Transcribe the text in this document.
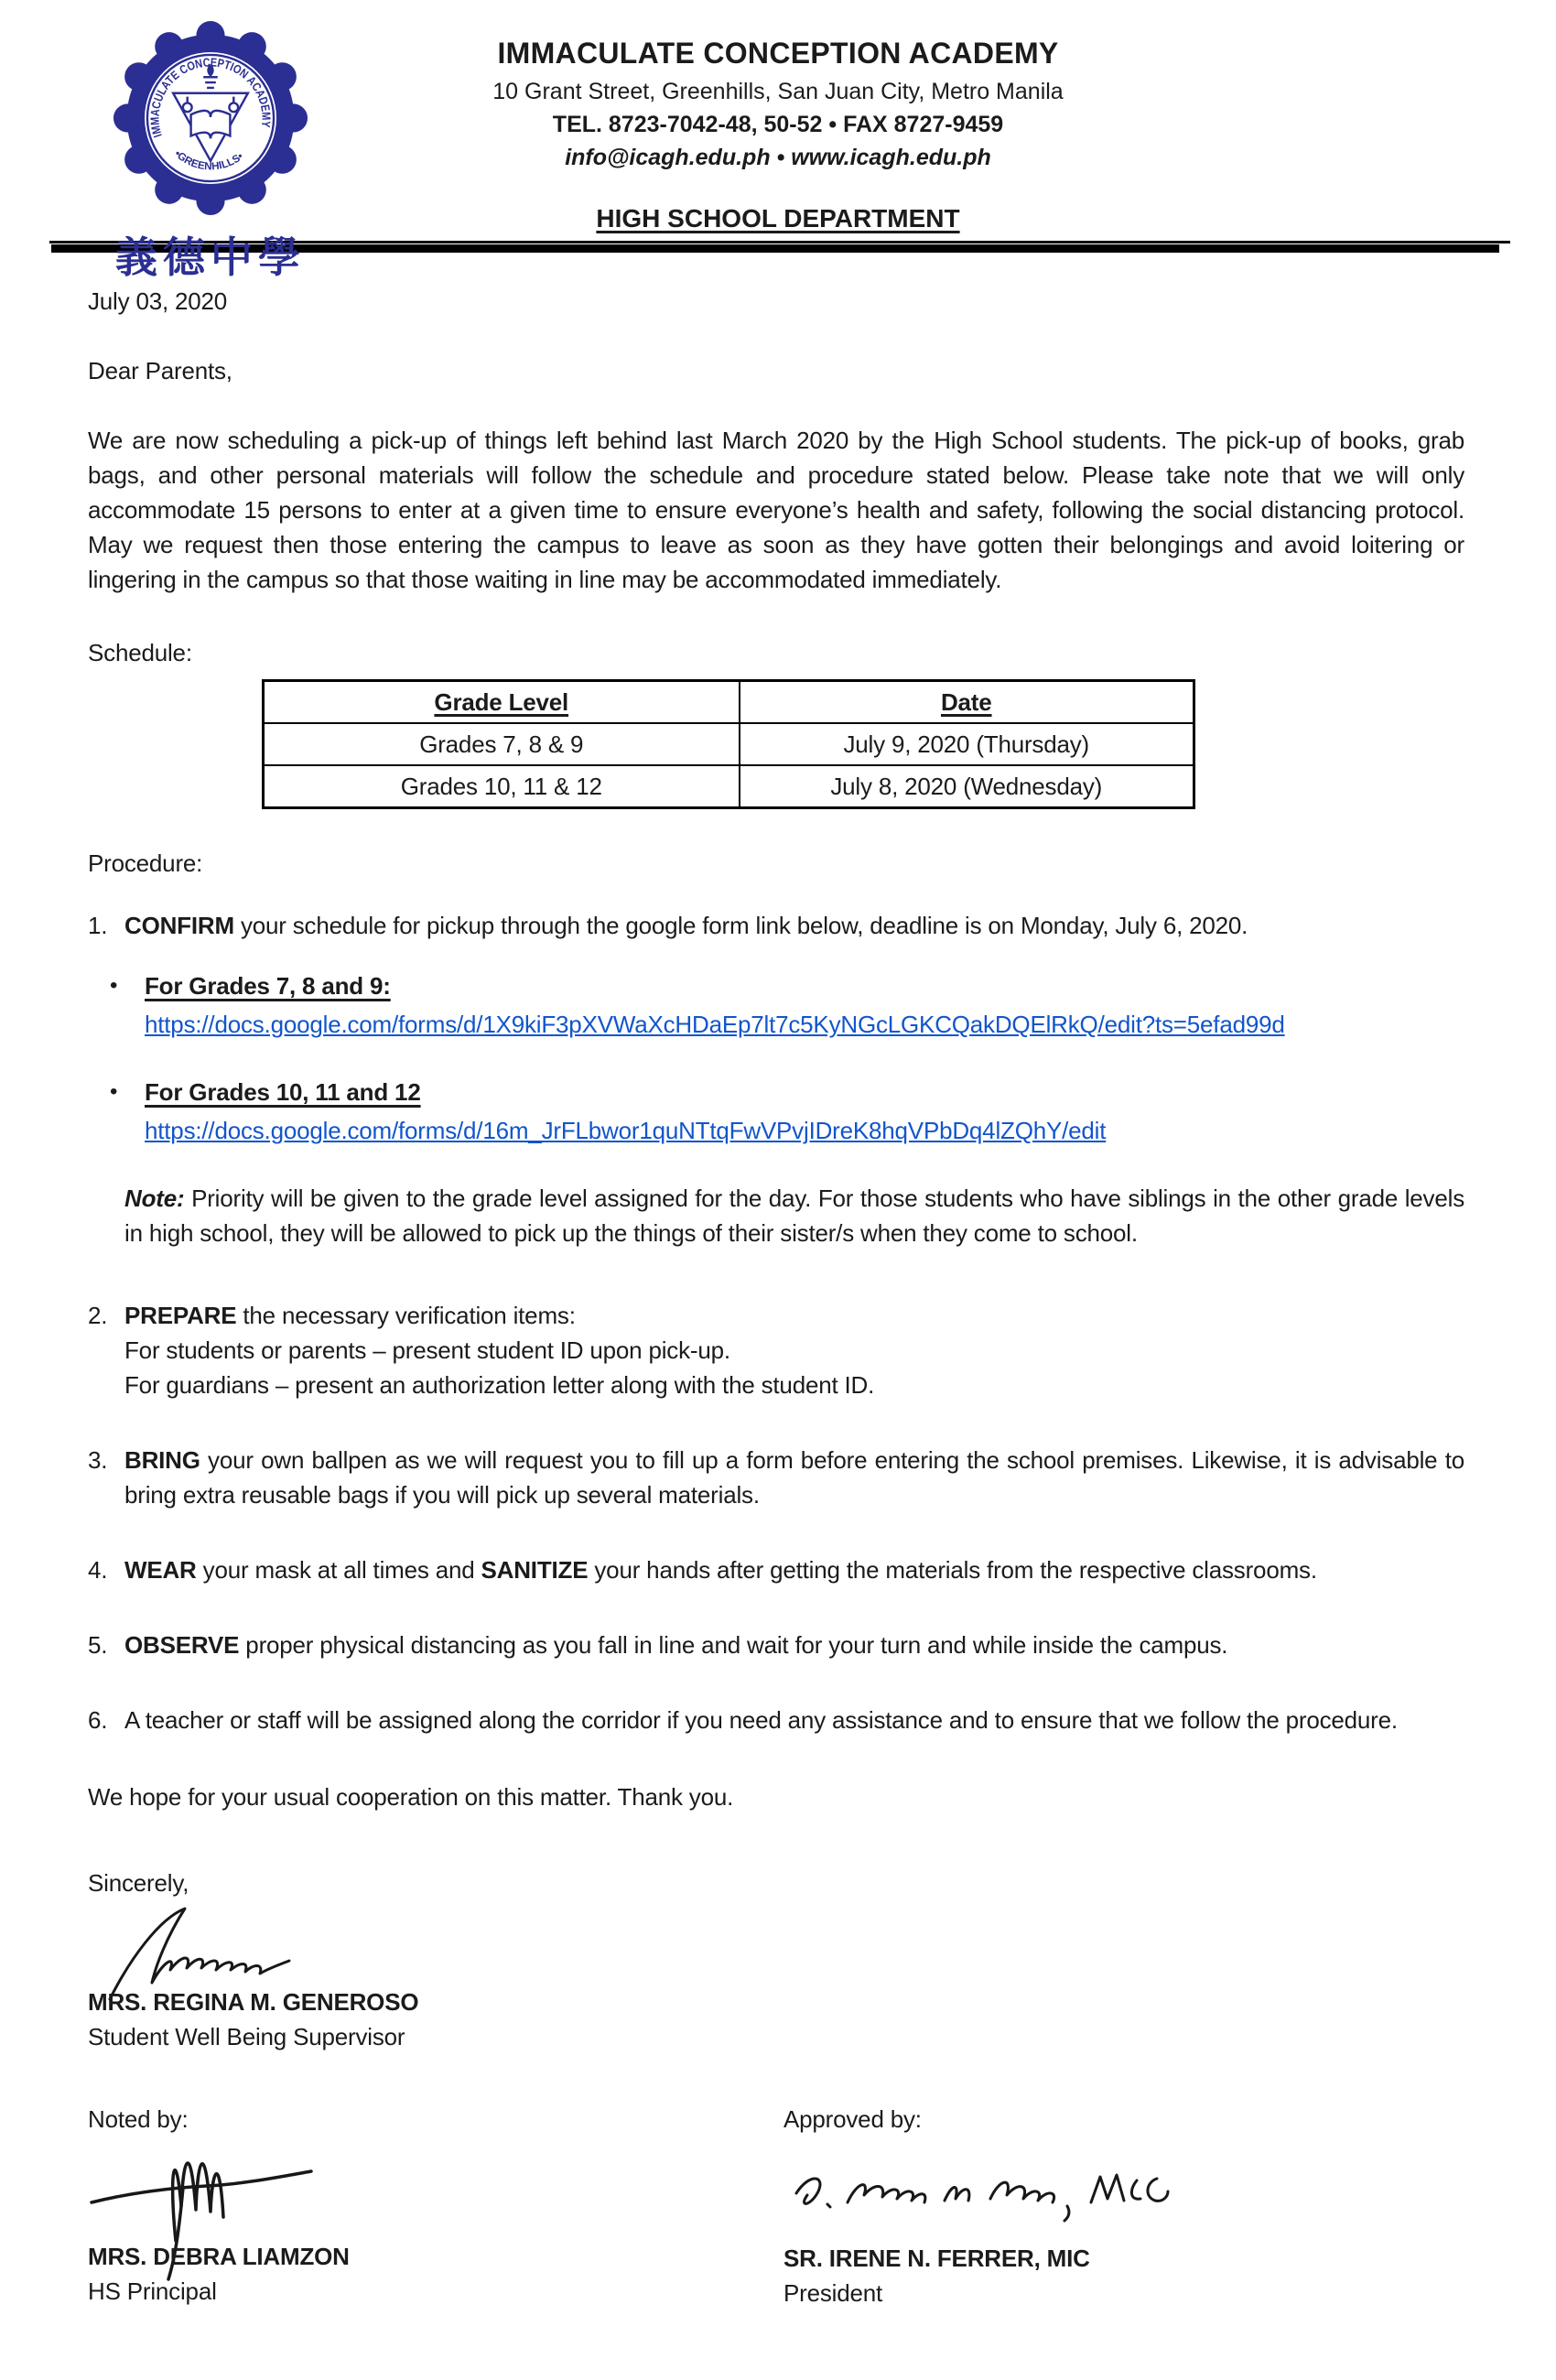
IMMACULATE CONCEPTION ACADEMY
•GREENHILLS•
義德中學
IMMACULATE CONCEPTION ACADEMY
10 Grant Street, Greenhills, San Juan City, Metro Manila
TEL. 8723-7042-48, 50-52 • FAX 8727-9459
info@icagh.edu.ph • www.icagh.edu.ph
HIGH SCHOOL DEPARTMENT
July 03, 2020
Dear Parents,

We are now scheduling a pick-up of things left behind last March 2020 by the High School students. The pick-up of books, grab bags, and other personal materials will follow the schedule and procedure stated below. Please take note that we will only accommodate 15 persons to enter at a given time to ensure everyone’s health and safety, following the social distancing protocol. May we request then those entering the campus to leave as soon as they have gotten their belongings and avoid loitering or lingering in the campus so that those waiting in line may be accommodated immediately.

Schedule:
Grade Level	Date
Grades 7, 8 & 9	July 9, 2020 (Thursday)
Grades 10, 11 & 12	July 8, 2020 (Wednesday)
Procedure:
1. CONFIRM your schedule for pickup through the google form link below, deadline is on Monday, July 6, 2020.
•	For Grades 7, 8 and 9:
https://docs.google.com/forms/d/1X9kiF3pXVWaXcHDaEp7lt7c5KyNGcLGKCQakDQElRkQ/edit?ts=5efad99d
•	For Grades 10, 11 and 12
https://docs.google.com/forms/d/16m_JrFLbwor1quNTtqFwVPvjIDreK8hqVPbDq4lZQhY/edit
Note: Priority will be given to the grade level assigned for the day. For those students who have siblings in the other grade levels in high school, they will be allowed to pick up the things of their sister/s when they come to school.
2. PREPARE the necessary verification items:
For students or parents – present student ID upon pick-up.
For guardians – present an authorization letter along with the student ID.
3. BRING your own ballpen as we will request you to fill up a form before entering the school premises. Likewise, it is advisable to bring extra reusable bags if you will pick up several materials.
4. WEAR your mask at all times and SANITIZE your hands after getting the materials from the respective classrooms.
5. OBSERVE proper physical distancing as you fall in line and wait for your turn and while inside the campus.
6. A teacher or staff will be assigned along the corridor if you need any assistance and to ensure that we follow the procedure.
We hope for your usual cooperation on this matter. Thank you.
Sincerely,
MRS. REGINA M. GENEROSO
Student Well Being Supervisor
Noted by:
MRS. DEBRA LIAMZON
HS Principal
Approved by:
SR. IRENE N. FERRER, MIC
President
